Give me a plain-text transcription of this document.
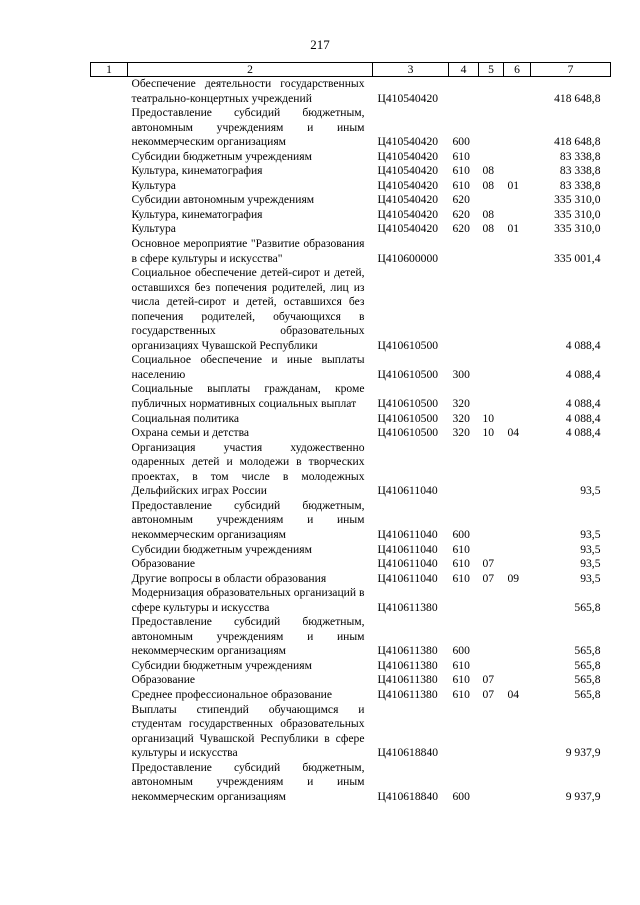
217
1	2	3	4	5	6	7
	Обеспечение деятельности государственных театрально-концертных учреждений	Ц410540420				418 648,8
	Предоставление субсидий бюджетным, автономным учреждениям и иным некоммерческим организациям	Ц410540420	600			418 648,8
	Субсидии бюджетным учреждениям	Ц410540420	610			83 338,8
	Культура, кинематография	Ц410540420	610	08		83 338,8
	Культура	Ц410540420	610	08	01	83 338,8
	Субсидии автономным учреждениям	Ц410540420	620			335 310,0
	Культура, кинематография	Ц410540420	620	08		335 310,0
	Культура	Ц410540420	620	08	01	335 310,0
	Основное мероприятие "Развитие образования в сфере культуры и искусства"	Ц410600000				335 001,4
	Социальное обеспечение детей-сирот и детей, оставшихся без попечения родителей, лиц из числа детей-сирот и детей, оставшихся без попечения родителей, обучающихся в государственных образовательных организациях Чувашской Республики	Ц410610500				4 088,4
	Социальное обеспечение и иные выплаты населению	Ц410610500	300			4 088,4
	Социальные выплаты гражданам, кроме публичных нормативных социальных выплат	Ц410610500	320			4 088,4
	Социальная политика	Ц410610500	320	10		4 088,4
	Охрана семьи и детства	Ц410610500	320	10	04	4 088,4
	Организация участия художественно одаренных детей и молодежи в творческих проектах, в том числе в молодежных Дельфийских играх России	Ц410611040				93,5
	Предоставление субсидий бюджетным, автономным учреждениям и иным некоммерческим организациям	Ц410611040	600			93,5
	Субсидии бюджетным учреждениям	Ц410611040	610			93,5
	Образование	Ц410611040	610	07		93,5
	Другие вопросы в области образования	Ц410611040	610	07	09	93,5
	Модернизация образовательных организаций в сфере культуры и искусства	Ц410611380				565,8
	Предоставление субсидий бюджетным, автономным учреждениям и иным некоммерческим организациям	Ц410611380	600			565,8
	Субсидии бюджетным учреждениям	Ц410611380	610			565,8
	Образование	Ц410611380	610	07		565,8
	Среднее профессиональное образование	Ц410611380	610	07	04	565,8
	Выплаты стипендий обучающимся и студентам государственных образовательных организаций Чувашской Республики в сфере культуры и искусства	Ц410618840				9 937,9
	Предоставление субсидий бюджетным, автономным учреждениям и иным некоммерческим организациям	Ц410618840	600			9 937,9
